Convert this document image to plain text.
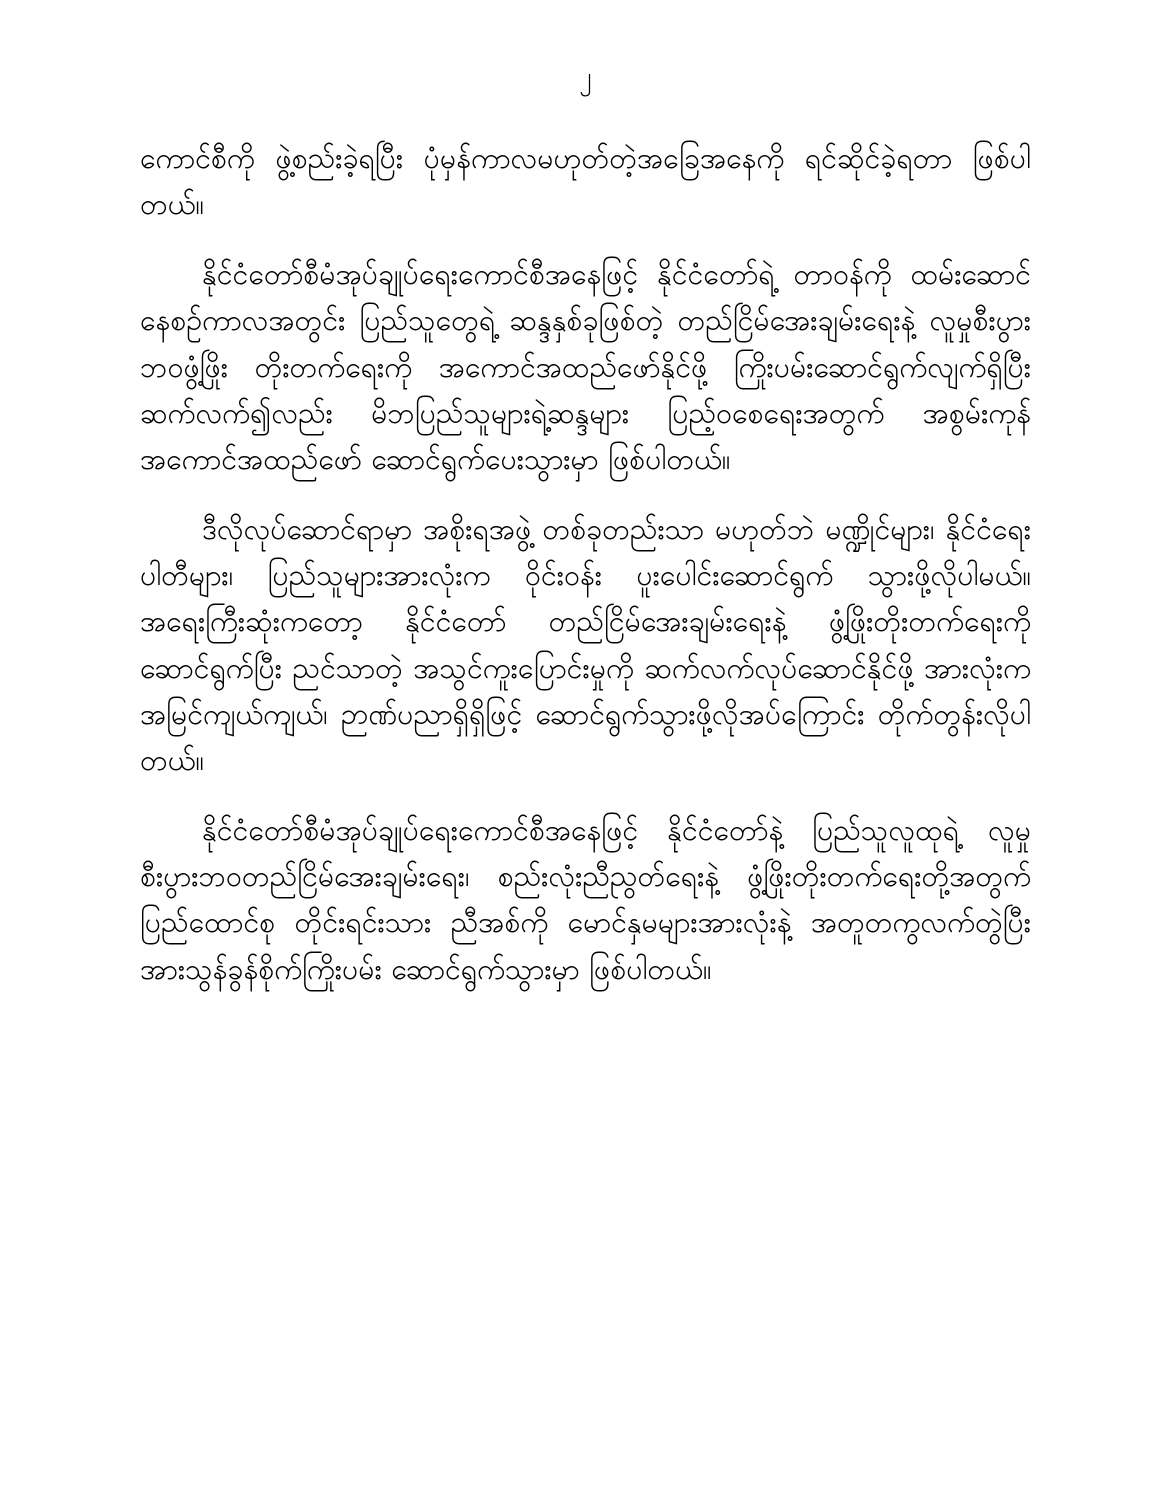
၂

ကောင်စီကို ဖွဲ့စည်းခဲ့ရပြီး ပုံမှန်ကာလမဟုတ်တဲ့အခြေအနေကို ရင်ဆိုင်ခဲ့ရတာ ဖြစ်ပါတယ်။

နိုင်ငံတော်စီမံအုပ်ချုပ်ရေးကောင်စီအနေဖြင့် နိုင်ငံတော်ရဲ့ တာဝန်ကို ထမ်းဆောင်နေစဉ်ကာလအတွင်း ပြည်သူတွေရဲ့ ဆန္ဒနှစ်ခုဖြစ်တဲ့ တည်ငြိမ်အေးချမ်းရေးနဲ့ လူမှုစီးပွားဘဝဖွံ့ဖြိုး တိုးတက်ရေးကို အကောင်အထည်ဖော်နိုင်ဖို့ ကြိုးပမ်းဆောင်ရွက်လျက်ရှိပြီး ဆက်လက်၍လည်း မိဘပြည်သူများရဲ့ဆန္ဒများ ပြည့်ဝစေရေးအတွက် အစွမ်းကုန်အကောင်အထည်ဖော် ဆောင်ရွက်ပေးသွားမှာ ဖြစ်ပါတယ်။

ဒီလိုလုပ်ဆောင်ရာမှာ အစိုးရအဖွဲ့ တစ်ခုတည်းသာ မဟုတ်ဘဲ မဏ္ဍိုင်များ၊ နိုင်ငံရေးပါတီများ၊ ပြည်သူများအားလုံးက ဝိုင်းဝန်း ပူးပေါင်းဆောင်ရွက် သွားဖို့လိုပါမယ်။ အရေးကြီးဆုံးကတော့ နိုင်ငံတော် တည်ငြိမ်အေးချမ်းရေးနဲ့ ဖွံ့ဖြိုးတိုးတက်ရေးကို ဆောင်ရွက်ပြီး ညင်သာတဲ့ အသွင်ကူးပြောင်းမှုကို ဆက်လက်လုပ်ဆောင်နိုင်ဖို့ အားလုံးက အမြင်ကျယ်ကျယ်၊ ဉာဏ်ပညာရှိရှိဖြင့် ဆောင်ရွက်သွားဖို့လိုအပ်ကြောင်း တိုက်တွန်းလိုပါတယ်။

နိုင်ငံတော်စီမံအုပ်ချုပ်ရေးကောင်စီအနေဖြင့် နိုင်ငံတော်နဲ့ ပြည်သူလူထုရဲ့ လူမှုစီးပွားဘဝတည်ငြိမ်အေးချမ်းရေး၊ စည်းလုံးညီညွတ်ရေးနဲ့ ဖွံ့ဖြိုးတိုးတက်ရေးတို့အတွက် ပြည်ထောင်စု တိုင်းရင်းသား ညီအစ်ကို မောင်နှမများအားလုံးနဲ့ အတူတကွလက်တွဲပြီး အားသွန်ခွန်စိုက်ကြိုးပမ်း ဆောင်ရွက်သွားမှာ ဖြစ်ပါတယ်။
